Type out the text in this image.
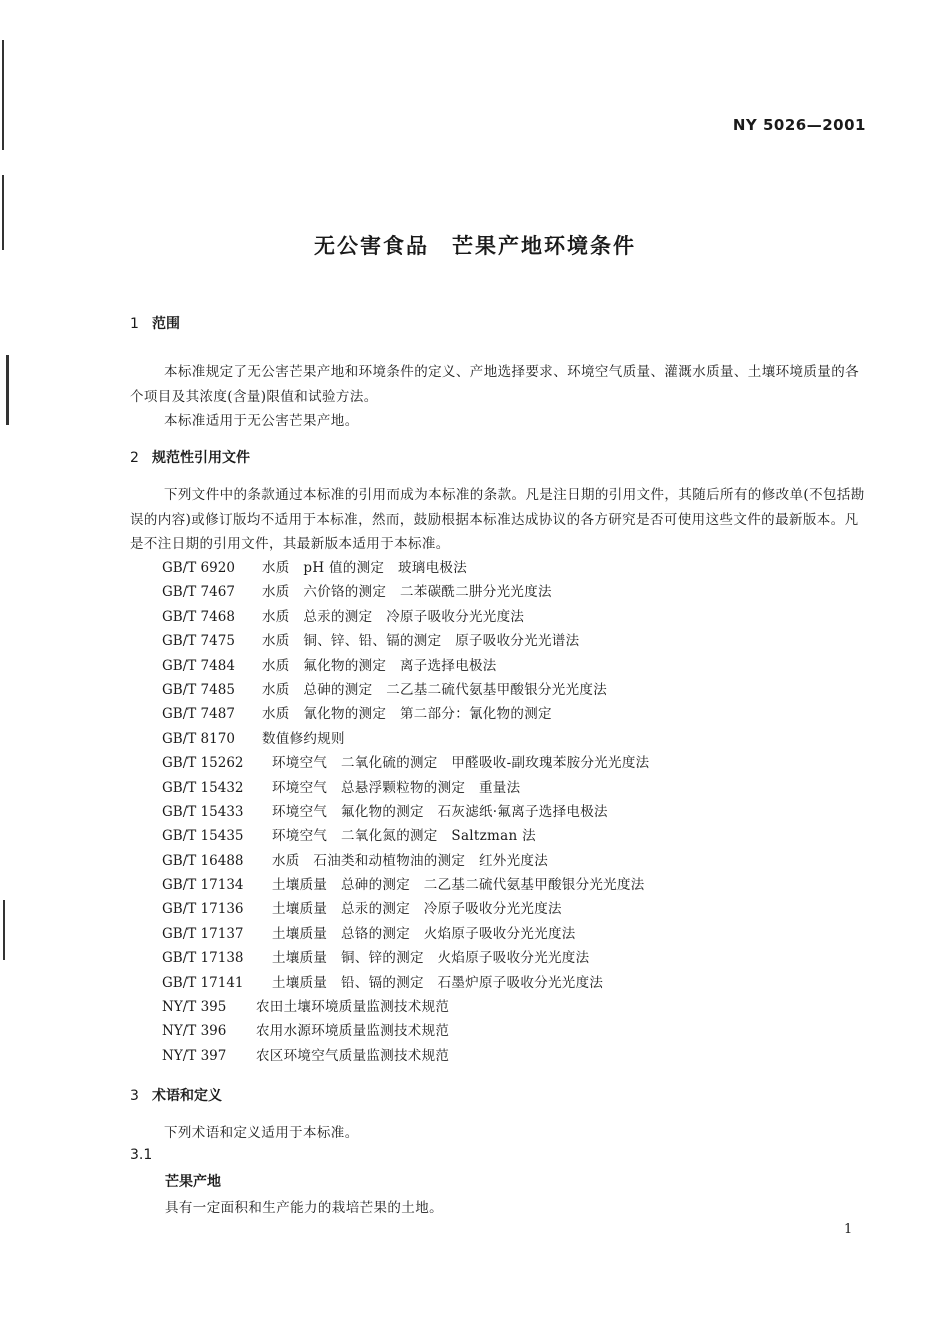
NY 5026—2001
无公害食品　芒果产地环境条件
1 范围
本标准规定了无公害芒果产地和环境条件的定义、产地选择要求、环境空气质量、灌溉水质量、土壤环境质量的各个项目及其浓度(含量)限值和试验方法。
本标准适用于无公害芒果产地。
2 规范性引用文件
下列文件中的条款通过本标准的引用而成为本标准的条款。凡是注日期的引用文件，其随后所有的修改单(不包括勘误的内容)或修订版均不适用于本标准，然而，鼓励根据本标准达成协议的各方研究是否可使用这些文件的最新版本。凡是不注日期的引用文件，其最新版本适用于本标准。
GB/T 6920 水质　pH 值的测定　玻璃电极法
GB/T 7467 水质　六价铬的测定　二苯碳酰二肼分光光度法
GB/T 7468 水质　总汞的测定　冷原子吸收分光光度法
GB/T 7475 水质　铜、锌、铅、镉的测定　原子吸收分光光谱法
GB/T 7484 水质　氟化物的测定　离子选择电极法
GB/T 7485 水质　总砷的测定　二乙基二硫代氨基甲酸银分光光度法
GB/T 7487 水质　氰化物的测定　第二部分：氰化物的测定
GB/T 8170 数值修约规则
GB/T 15262 环境空气　二氧化硫的测定　甲醛吸收-副玫瑰苯胺分光光度法
GB/T 15432 环境空气　总悬浮颗粒物的测定　重量法
GB/T 15433 环境空气　氟化物的测定　石灰滤纸·氟离子选择电极法
GB/T 15435 环境空气　二氧化氮的测定　Saltzman 法
GB/T 16488 水质　石油类和动植物油的测定　红外光度法
GB/T 17134 土壤质量　总砷的测定　二乙基二硫代氨基甲酸银分光光度法
GB/T 17136 土壤质量　总汞的测定　冷原子吸收分光光度法
GB/T 17137 土壤质量　总铬的测定　火焰原子吸收分光光度法
GB/T 17138 土壤质量　铜、锌的测定　火焰原子吸收分光光度法
GB/T 17141 土壤质量　铅、镉的测定　石墨炉原子吸收分光光度法
NY/T 395 农田土壤环境质量监测技术规范
NY/T 396 农用水源环境质量监测技术规范
NY/T 397 农区环境空气质量监测技术规范
3 术语和定义
下列术语和定义适用于本标准。
3.1
芒果产地
具有一定面积和生产能力的栽培芒果的土地。
1
